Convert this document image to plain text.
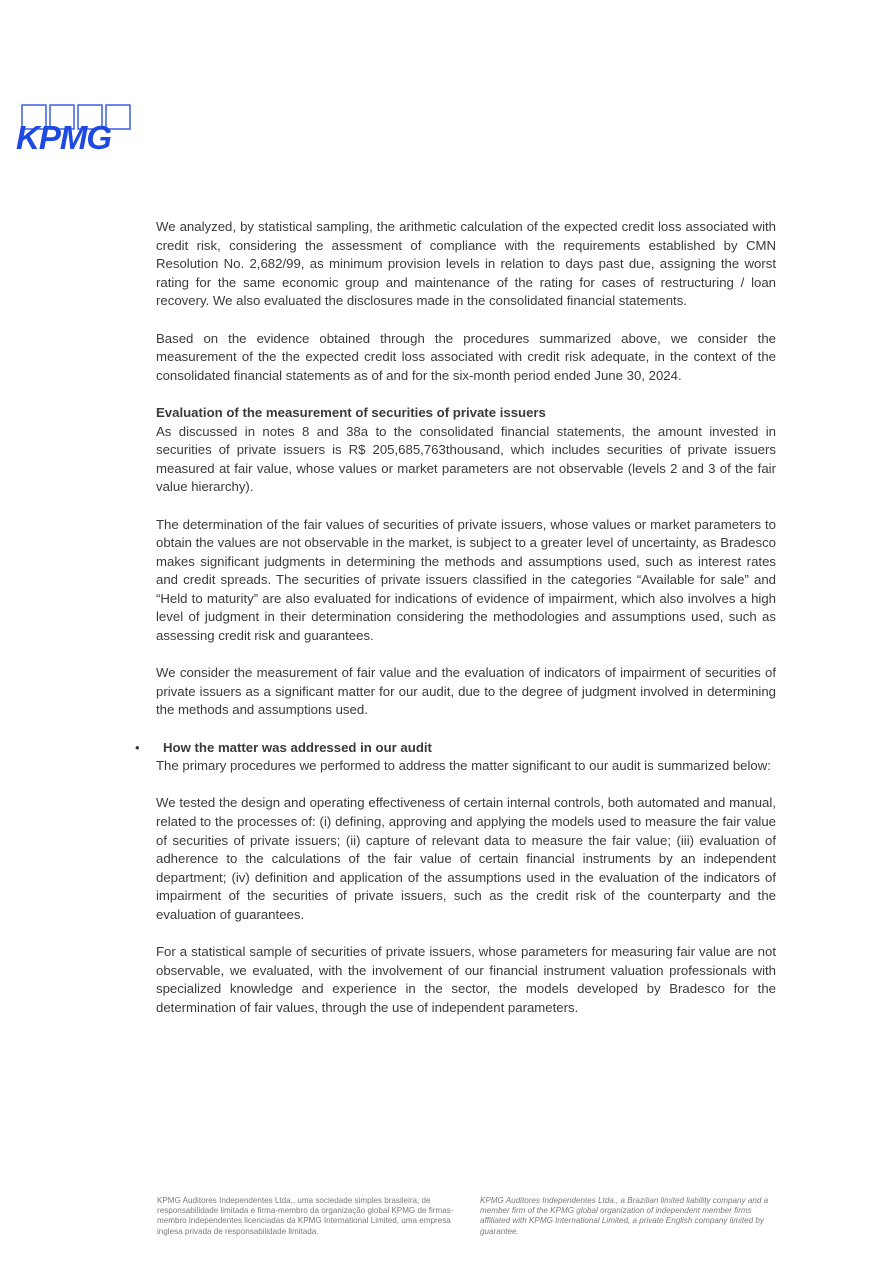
KPMG

We analyzed, by statistical sampling, the arithmetic calculation of the expected credit loss associated with credit risk, considering the assessment of compliance with the requirements established by CMN Resolution No. 2,682/99, as minimum provision levels in relation to days past due, assigning the worst rating for the same economic group and maintenance of the rating for cases of restructuring / loan recovery. We also evaluated the disclosures made in the consolidated financial statements.

Based on the evidence obtained through the procedures summarized above, we consider the measurement of the the expected credit loss associated with credit risk adequate, in the context of the consolidated financial statements as of and for the six-month period ended June 30, 2024.

Evaluation of the measurement of securities of private issuers

As discussed in notes 8 and 38a to the consolidated financial statements, the amount invested in securities of private issuers is R$ 205,685,763thousand, which includes securities of private issuers measured at fair value, whose values or market parameters are not observable (levels 2 and 3 of the fair value hierarchy).

The determination of the fair values of securities of private issuers, whose values or market parameters to obtain the values are not observable in the market, is subject to a greater level of uncertainty, as Bradesco makes significant judgments in determining the methods and assumptions used, such as interest rates and credit spreads. The securities of private issuers classified in the categories “Available for sale” and “Held to maturity” are also evaluated for indications of evidence of impairment, which also involves a high level of judgment in their determination considering the methodologies and assumptions used, such as assessing credit risk and guarantees.

We consider the measurement of fair value and the evaluation of indicators of impairment of securities of private issuers as a significant matter for our audit, due to the degree of judgment involved in determining the methods and assumptions used.

• How the matter was addressed in our audit

The primary procedures we performed to address the matter significant to our audit is summarized below:

We tested the design and operating effectiveness of certain internal controls, both automated and manual, related to the processes of: (i) defining, approving and applying the models used to measure the fair value of securities of private issuers; (ii) capture of relevant data to measure the fair value; (iii) evaluation of adherence to the calculations of the fair value of certain financial instruments by an independent department; (iv) definition and application of the assumptions used in the evaluation of the indicators of impairment of the securities of private issuers, such as the credit risk of the counterparty and the evaluation of guarantees.

For a statistical sample of securities of private issuers, whose parameters for measuring fair value are not observable, we evaluated, with the involvement of our financial instrument valuation professionals with specialized knowledge and experience in the sector, the models developed by Bradesco for the determination of fair values, through the use of independent parameters.

KPMG Auditores Independentes Ltda., uma sociedade simples brasileira, de responsabilidade limitada e firma-membro da organização global KPMG de firmas-membro independentes licenciadas da KPMG International Limited, uma empresa inglesa privada de responsabilidade limitada.
KPMG Auditores Independentes Ltda., a Brazilian limited liability company and a member firm of the KPMG global organization of independent member firms affiliated with KPMG International Limited, a private English company limited by guarantee.
